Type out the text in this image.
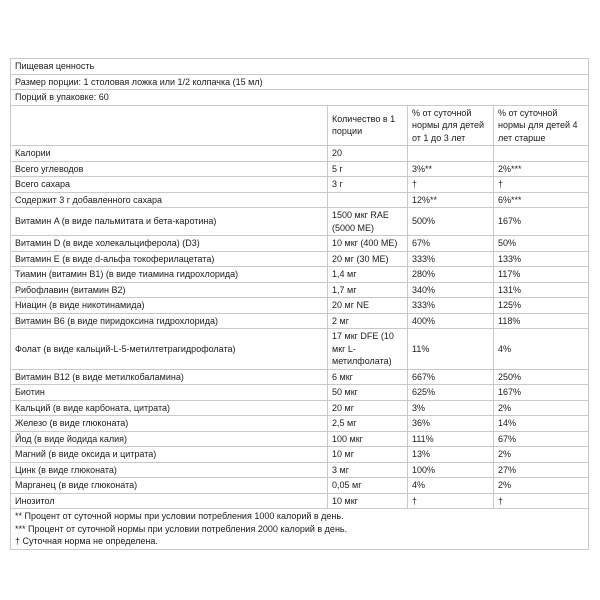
Пищевая ценность			
Размер порции: 1 столовая ложка или 1/2 колпачка (15 мл)			
Порций в упаковке: 60			
	Количество в 1 порции	% от суточной нормы для детей от 1 до 3 лет	% от суточной нормы для детей 4 лет старше
Калории	20		
Всего углеводов	5 г	3%**	2%***
Всего сахара	3 г	†	†
Содержит 3 г добавленного сахара		12%**	6%***
Витамин A (в виде пальмитата и бета-каротина)	1500 мкг RAE (5000 МЕ)	500%	167%
Витамин D (в виде холекальциферола) (D3)	10 мкг (400 МЕ)	67%	50%
Витамин E (в виде d-альфа токоферилацетата)	20 мг (30 МЕ)	333%	133%
Тиамин (витамин B1) (в виде тиамина гидрохлорида)	1,4 мг	280%	117%
Рибофлавин (витамин B2)	1,7 мг	340%	131%
Ниацин (в виде никотинамида)	20 мг NE	333%	125%
Витамин B6 (в виде пиридоксина гидрохлорида)	2 мг	400%	118%
Фолат (в виде кальций-L-5-метилтетрагидрофолата)	17 мкг DFE (10 мкг L-метилфолата)	11%	4%
Витамин B12 (в виде метилкобаламина)	6 мкг	667%	250%
Биотин	50 мкг	625%	167%
Кальций (в виде карбоната, цитрата)	20 мг	3%	2%
Железо (в виде глюконата)	2,5 мг	36%	14%
Йод (в виде йодида калия)	100 мкг	111%	67%
Магний (в виде оксида и цитрата)	10 мг	13%	2%
Цинк (в виде глюконата)	3 мг	100%	27%
Марганец (в виде глюконата)	0,05 мг	4%	2%
Инозитол	10 мкг	†	†

** Процент от суточной нормы при условии потребления 1000 калорий в день.
*** Процент от суточной нормы при условии потребления 2000 калорий в день.
† Суточная норма не определена.			
